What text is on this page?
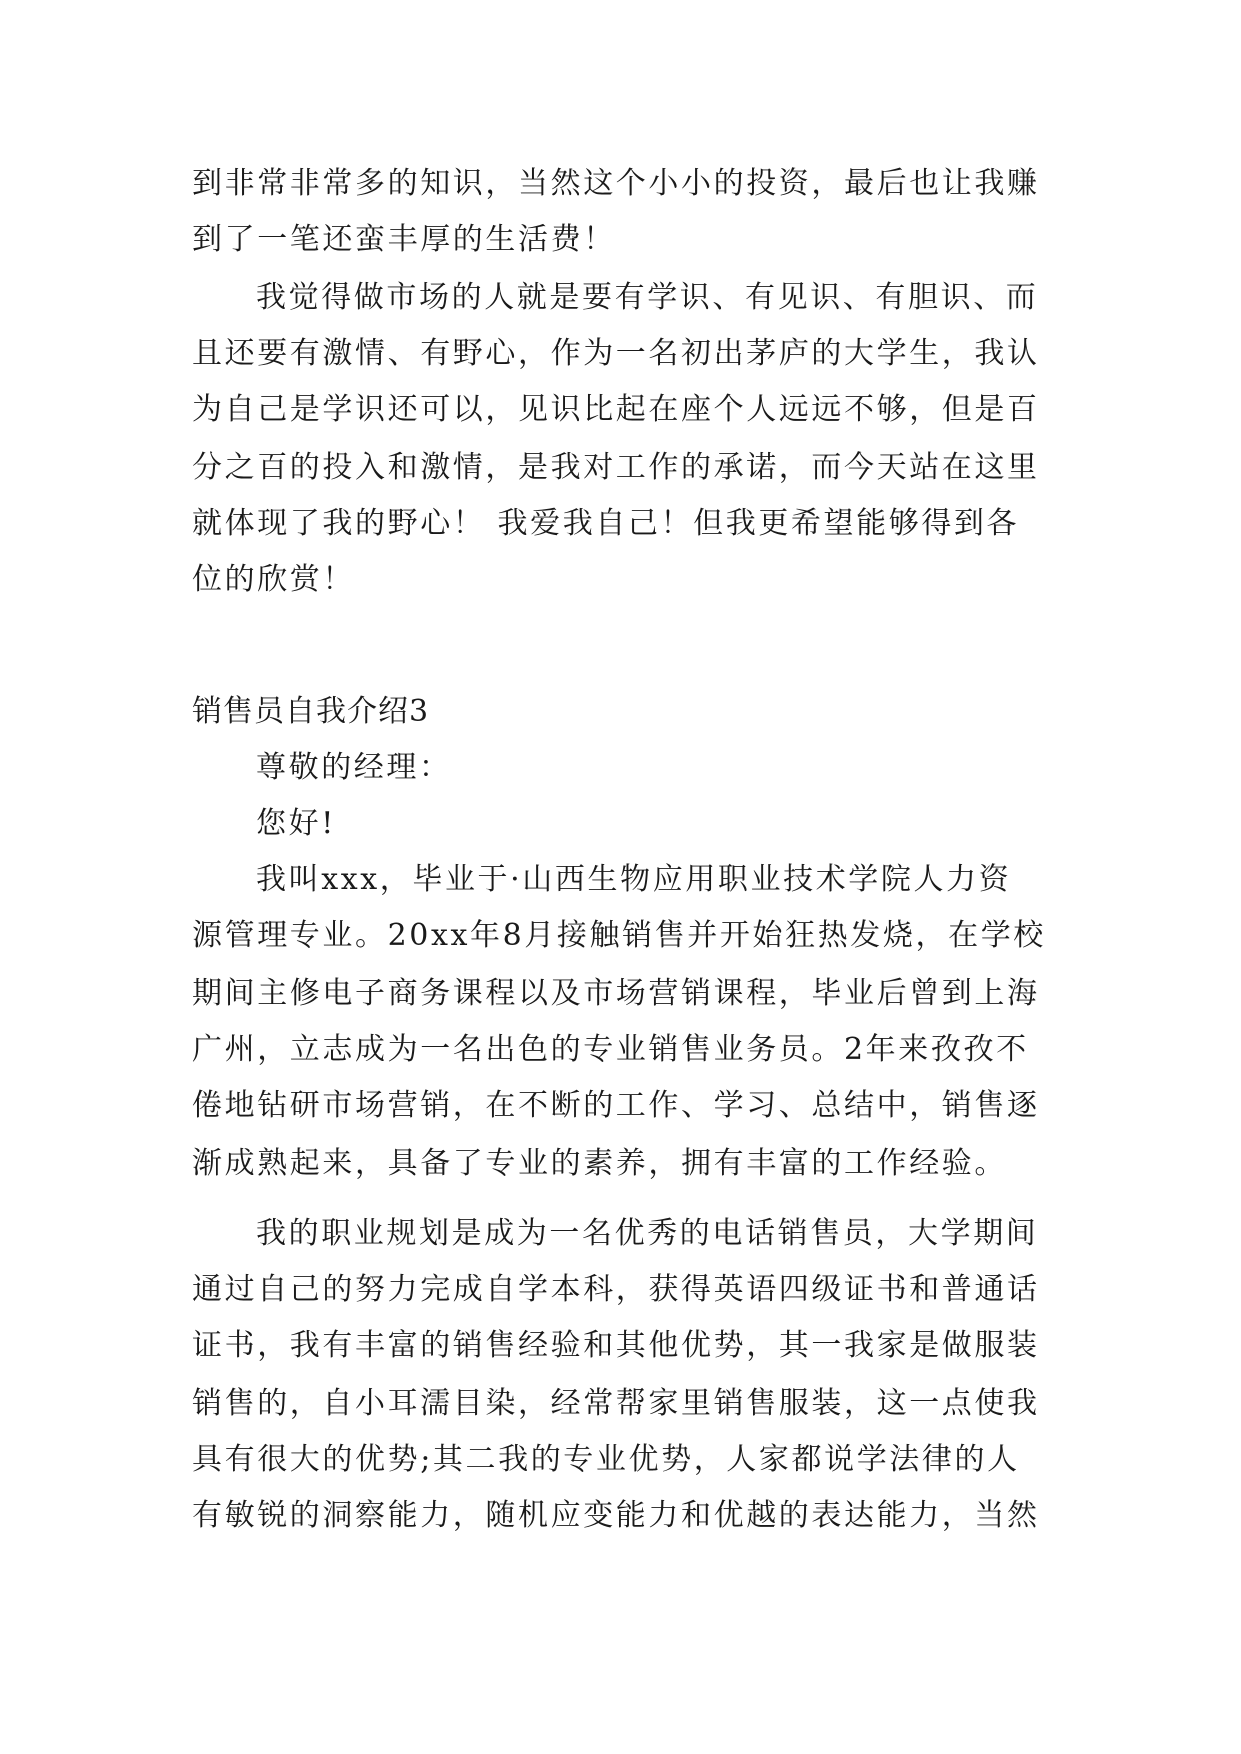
到非常非常多的知识，当然这个小小的投资，最后也让我赚
到了一笔还蛮丰厚的生活费！
我觉得做市场的人就是要有学识、有见识、有胆识、而
且还要有激情、有野心，作为一名初出茅庐的大学生，我认
为自己是学识还可以，见识比起在座个人远远不够，但是百
分之百的投入和激情，是我对工作的承诺，而今天站在这里
就体现了我的野心！ 我爱我自己！但我更希望能够得到各
位的欣赏！
销售员自我介绍3
尊敬的经理：
您好!
我叫xxx，毕业于·山西生物应用职业技术学院人力资
源管理专业。20xx年8月接触销售并开始狂热发烧，在学校
期间主修电子商务课程以及市场营销课程，毕业后曾到上海
广州，立志成为一名出色的专业销售业务员。2年来孜孜不
倦地钻研市场营销，在不断的工作、学习、总结中，销售逐
渐成熟起来，具备了专业的素养，拥有丰富的工作经验。
我的职业规划是成为一名优秀的电话销售员，大学期间
通过自己的努力完成自学本科，获得英语四级证书和普通话
证书，我有丰富的销售经验和其他优势，其一我家是做服装
销售的，自小耳濡目染，经常帮家里销售服装，这一点使我
具有很大的优势;其二我的专业优势，人家都说学法律的人
有敏锐的洞察能力，随机应变能力和优越的表达能力，当然
